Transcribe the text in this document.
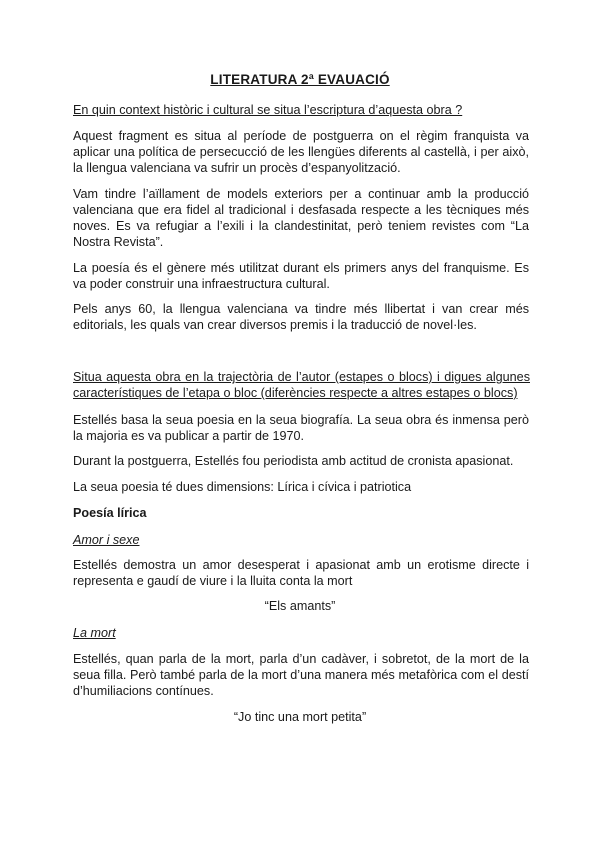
LITERATURA 2ª EVAUACIÓ
En quin context històric i cultural se situa l’escriptura d’aquesta obra ?
Aquest fragment es situa al període de postguerra on el règim franquista va aplicar una política de persecucció de les llengües diferents al castellà, i per això, la llengua valenciana va sufrir un procès d’espanyolització.
Vam tindre l’aïllament de models exteriors per a continuar amb la producció valenciana que era fidel al tradicional i desfasada respecte a les tècniques més noves. Es va refugiar a l’exili i la clandestinitat, però teniem revistes com “La Nostra Revista”.
La poesía és el gènere més utilitzat durant els primers anys del franquisme. Es va poder construir una infraestructura cultural.
Pels anys 60, la llengua valenciana va tindre més llibertat i van crear més editorials, les quals van crear diversos premis i la traducció de novel·les.
Situa aquesta obra en la trajectòria de l’autor (estapes o blocs) i digues algunes característiques de l’etapa o bloc (diferències respecte a altres estapes o blocs)
Estellés basa la seua poesia en la seua biografía. La seua obra és inmensa però la majoria es va publicar a partir de 1970.
Durant la postguerra, Estellés fou periodista amb actitud de cronista apasionat.
La seua poesia té dues dimensions: Lírica i cívica i patriotica
Poesía lírica
Amor i sexe
Estellés demostra un amor desesperat i apasionat amb un erotisme directe i representa e gaudí de viure i la lluita conta la mort
“Els amants”
La mort
Estellés, quan parla de la mort, parla d’un cadàver, i sobretot, de la mort de la seua filla. Però també parla de la mort d’una manera més metafòrica com el destí d’humiliacions contínues.
“Jo tinc una mort petita”
